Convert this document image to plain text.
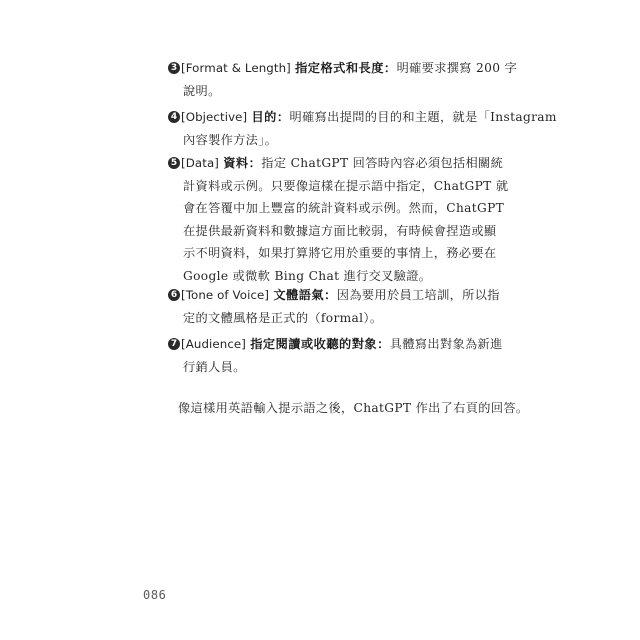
3 [Format & Length] 指定格式和長度：明確要求撰寫 200 字
說明。
4 [Objective] 目的：明確寫出提問的目的和主題，就是「Instagram
內容製作方法」。
5 [Data] 資料：指定 ChatGPT 回答時內容必須包括相關統
計資料或示例。只要像這樣在提示語中指定，ChatGPT 就
會在答覆中加上豐富的統計資料或示例。然而，ChatGPT
在提供最新資料和數據這方面比較弱，有時候會捏造或顯
示不明資料，如果打算將它用於重要的事情上，務必要在
Google 或微軟 Bing Chat 進行交叉驗證。
6 [Tone of Voice] 文體語氣：因為要用於員工培訓，所以指
定的文體風格是正式的（formal）。
7 [Audience] 指定閱讀或收聽的對象：具體寫出對象為新進
行銷人員。
像這樣用英語輸入提示語之後，ChatGPT 作出了右頁的回答。
086
